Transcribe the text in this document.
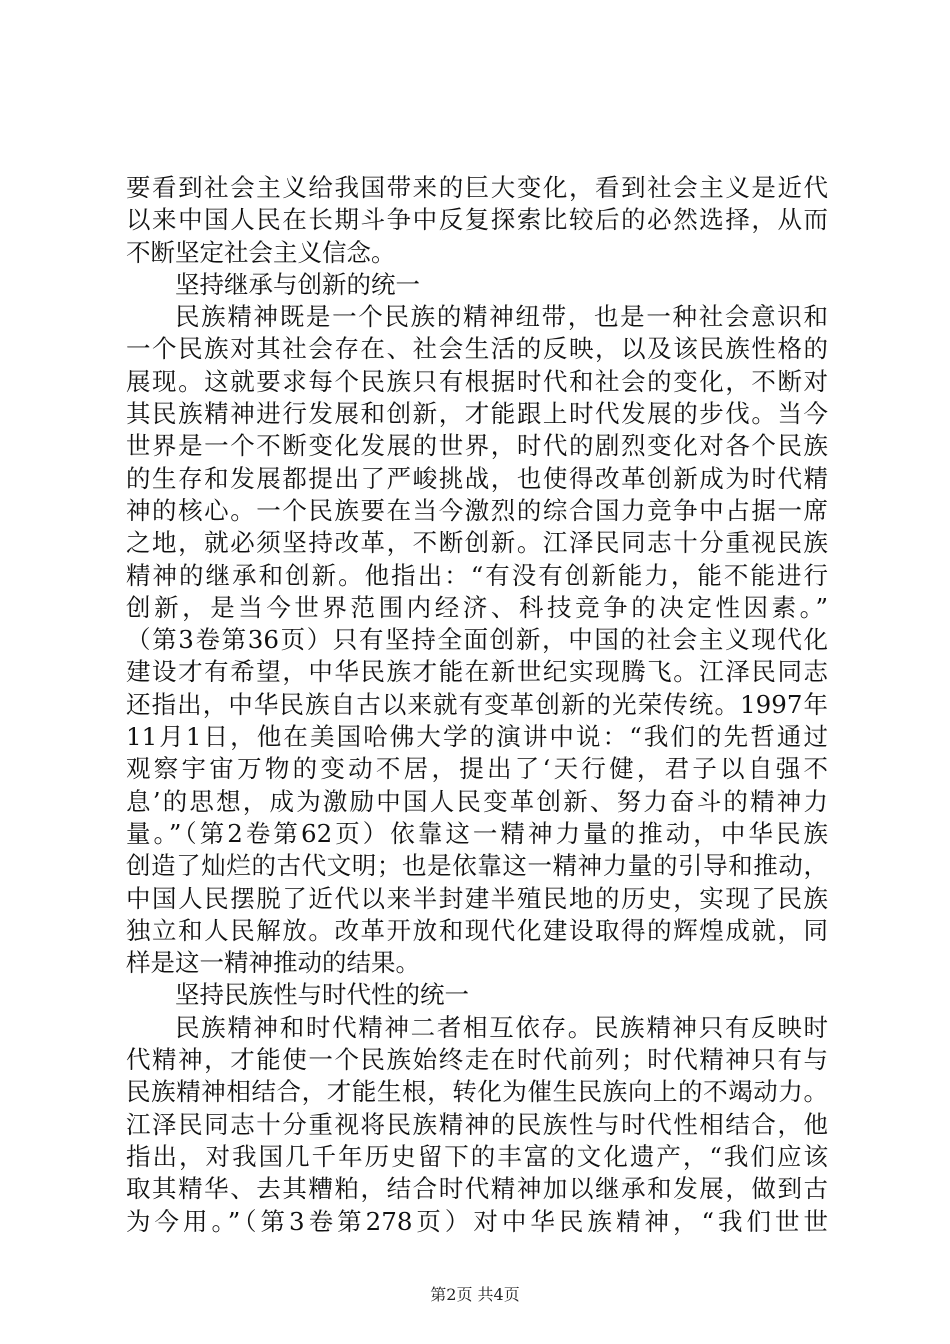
要看到社会主义给我国带来的巨大变化，看到社会主义是近代
以来中国人民在长期斗争中反复探索比较后的必然选择，从而
不断坚定社会主义信念。
坚持继承与创新的统一
民族精神既是一个民族的精神纽带，也是一种社会意识和
一个民族对其社会存在、社会生活的反映，以及该民族性格的
展现。这就要求每个民族只有根据时代和社会的变化，不断对
其民族精神进行发展和创新，才能跟上时代发展的步伐。当今
世界是一个不断变化发展的世界，时代的剧烈变化对各个民族
的生存和发展都提出了严峻挑战，也使得改革创新成为时代精
神的核心。一个民族要在当今激烈的综合国力竞争中占据一席
之地，就必须坚持改革，不断创新。江泽民同志十分重视民族
精神的继承和创新。他指出：“有没有创新能力，能不能进行
创新，是当今世界范围内经济、科技竞争的决定性因素。”
（第3卷第36页）只有坚持全面创新，中国的社会主义现代化
建设才有希望，中华民族才能在新世纪实现腾飞。江泽民同志
还指出，中华民族自古以来就有变革创新的光荣传统。1997年
11月1日，他在美国哈佛大学的演讲中说：“我们的先哲通过
观察宇宙万物的变动不居，提出了‘天行健，君子以自强不
息’的思想，成为激励中国人民变革创新、努力奋斗的精神力
量。”（第2卷第62页）依靠这一精神力量的推动，中华民族
创造了灿烂的古代文明；也是依靠这一精神力量的引导和推动，
中国人民摆脱了近代以来半封建半殖民地的历史，实现了民族
独立和人民解放。改革开放和现代化建设取得的辉煌成就，同
样是这一精神推动的结果。
坚持民族性与时代性的统一
民族精神和时代精神二者相互依存。民族精神只有反映时
代精神，才能使一个民族始终走在时代前列；时代精神只有与
民族精神相结合，才能生根，转化为催生民族向上的不竭动力。
江泽民同志十分重视将民族精神的民族性与时代性相结合，他
指出，对我国几千年历史留下的丰富的文化遗产，“我们应该
取其精华、去其糟粕，结合时代精神加以继承和发展，做到古
为今用。”（第3卷第278页）对中华民族精神，“我们世世
第2页 共4页
